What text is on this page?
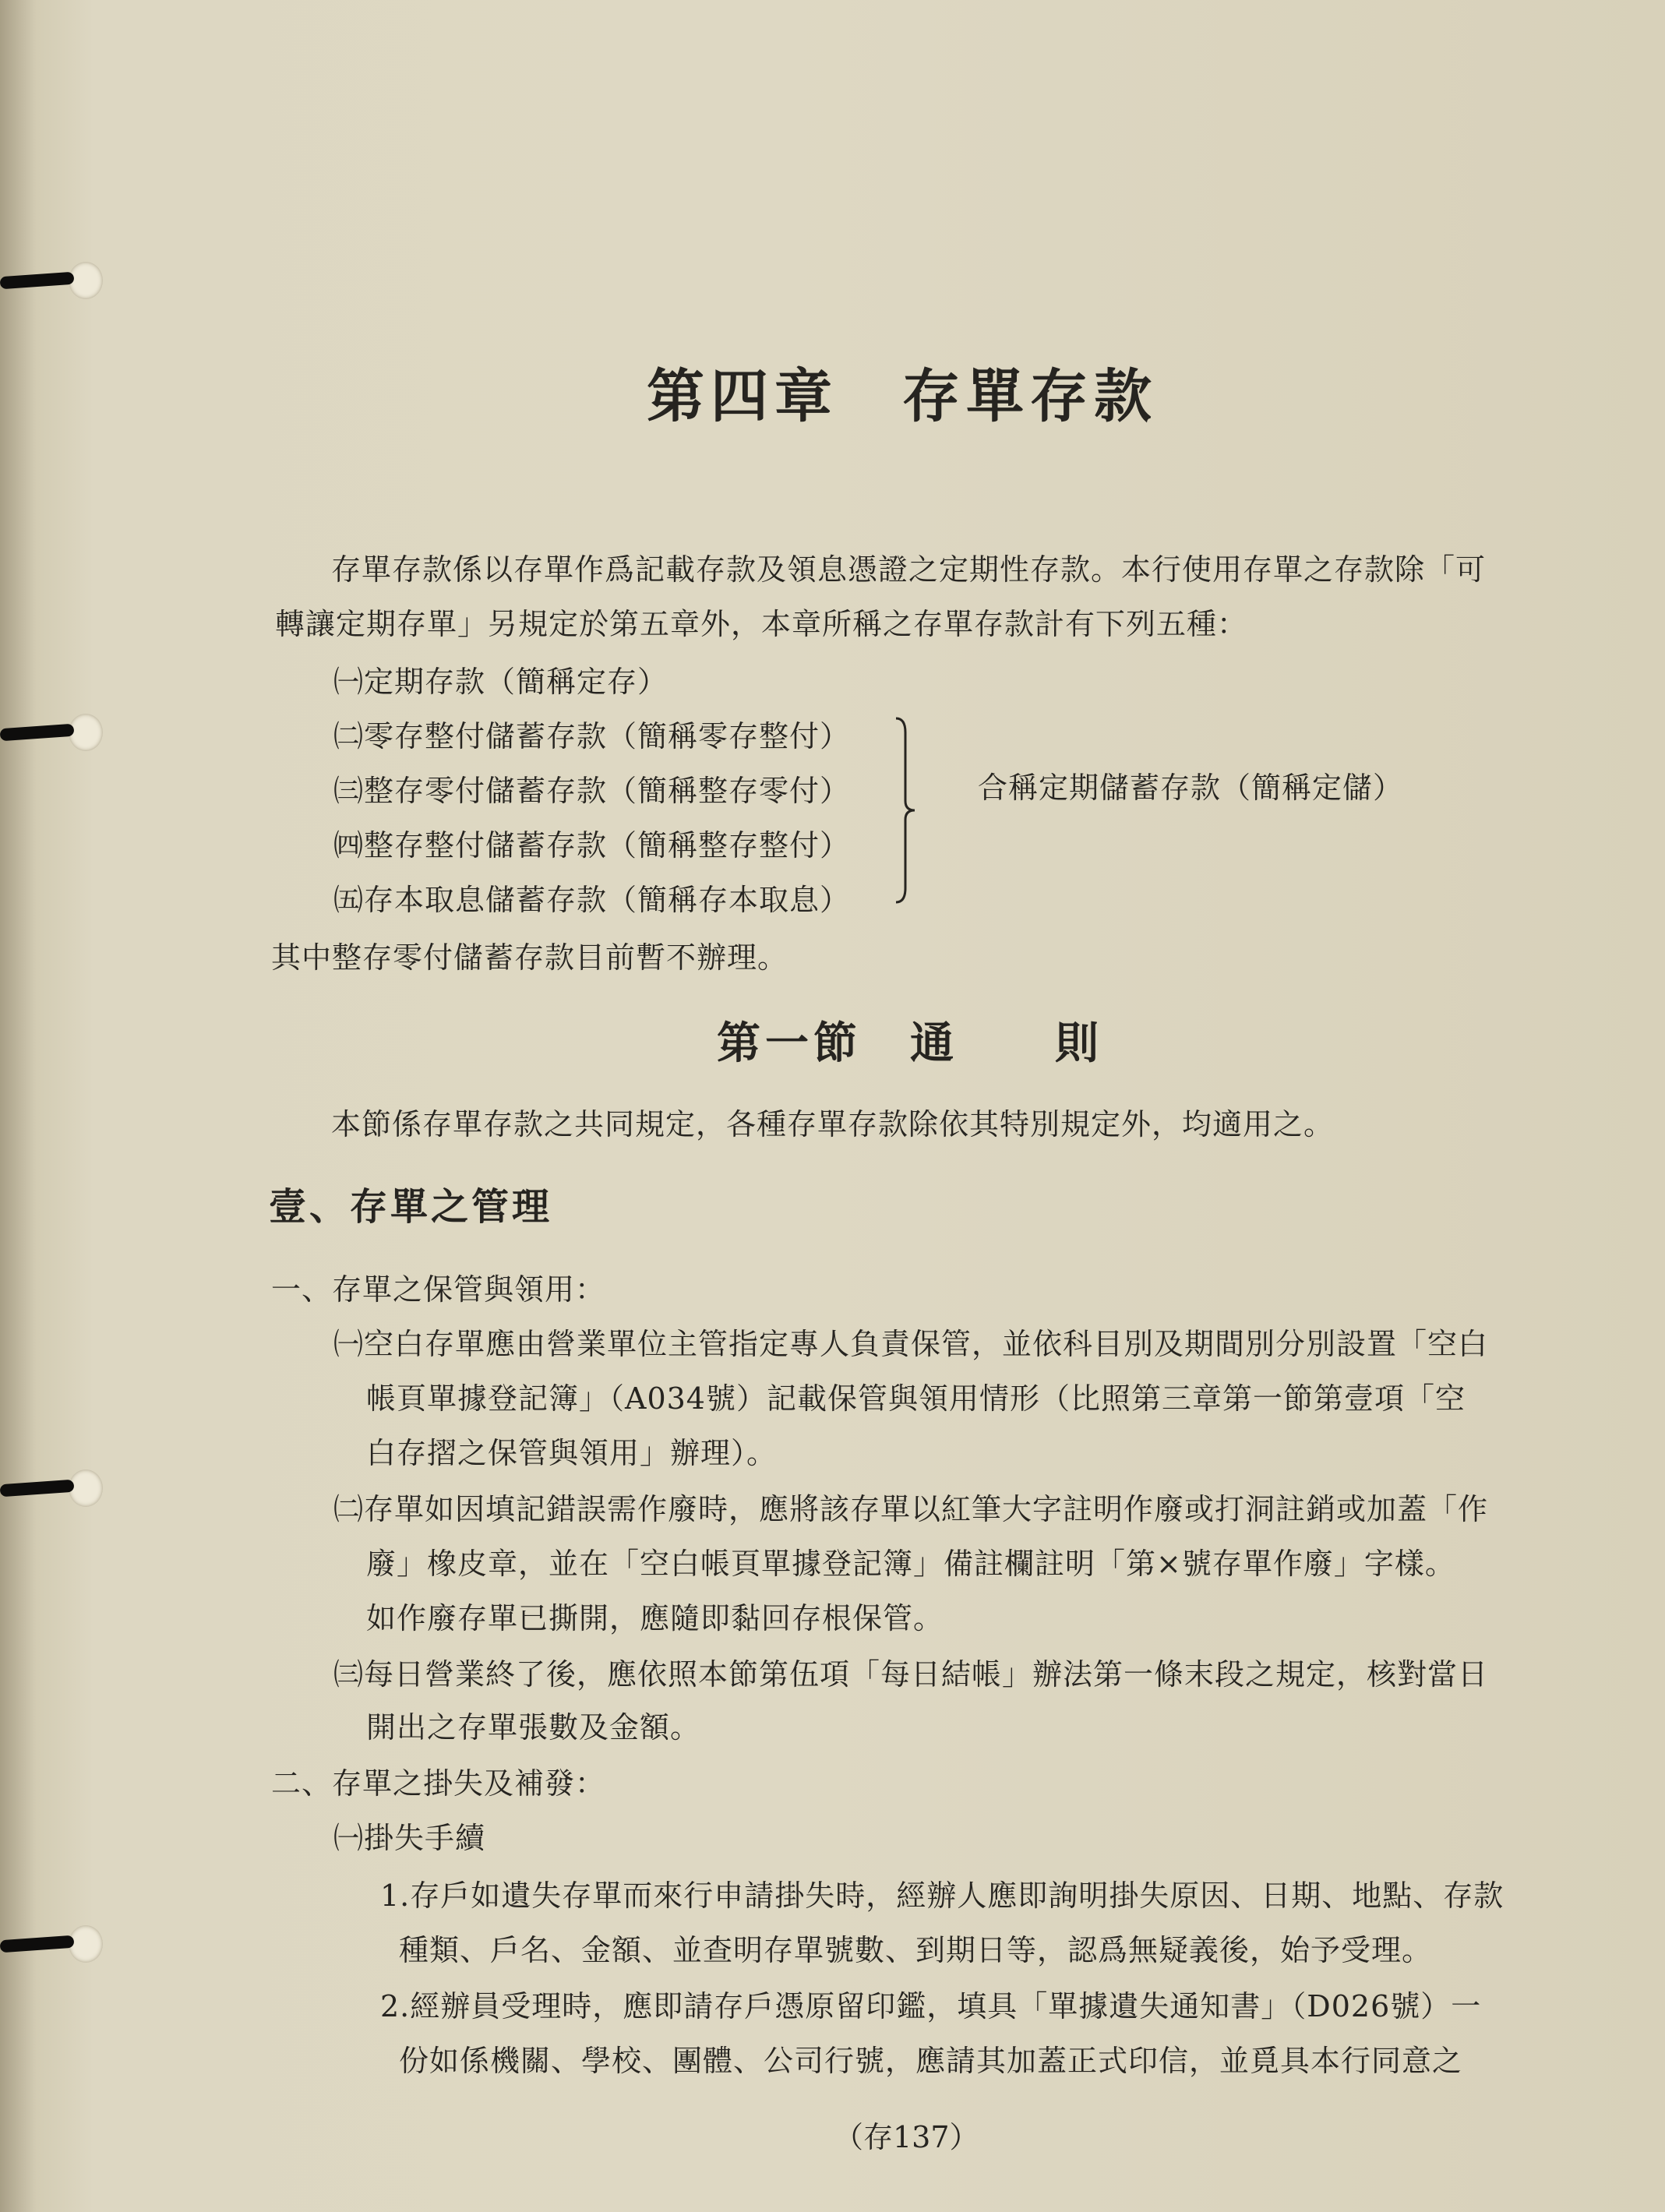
第四章　存單存款
存單存款係以存單作爲記載存款及領息憑證之定期性存款。本行使用存單之存款除「可
轉讓定期存單」另規定於第五章外，本章所稱之存單存款計有下列五種：
㈠定期存款（簡稱定存）
㈡零存整付儲蓄存款（簡稱零存整付）
㈢整存零付儲蓄存款（簡稱整存零付）
㈣整存整付儲蓄存款（簡稱整存整付）
㈤存本取息儲蓄存款（簡稱存本取息）
合稱定期儲蓄存款（簡稱定儲）
其中整存零付儲蓄存款目前暫不辦理。
第一節　通　　則
本節係存單存款之共同規定，各種存單存款除依其特別規定外，均適用之。
壹、存單之管理
一、存單之保管與領用：
㈠空白存單應由營業單位主管指定專人負責保管，並依科目別及期間別分別設置「空白
帳頁單據登記簿」（A034號）記載保管與領用情形（比照第三章第一節第壹項「空
白存摺之保管與領用」辦理）。
㈡存單如因填記錯誤需作廢時，應將該存單以紅筆大字註明作廢或打洞註銷或加蓋「作
廢」橡皮章，並在「空白帳頁單據登記簿」備註欄註明「第×號存單作廢」字樣。
如作廢存單已撕開，應隨即黏回存根保管。
㈢每日營業終了後，應依照本節第伍項「每日結帳」辦法第一條末段之規定，核對當日
開出之存單張數及金額。
二、存單之掛失及補發：
㈠掛失手續
1.存戶如遺失存單而來行申請掛失時，經辦人應即詢明掛失原因、日期、地點、存款
種類、戶名、金額、並查明存單號數、到期日等，認爲無疑義後，始予受理。
2.經辦員受理時，應即請存戶憑原留印鑑，填具「單據遺失通知書」（D026號）一
份如係機關、學校、團體、公司行號，應請其加蓋正式印信，並覓具本行同意之
（存137）
